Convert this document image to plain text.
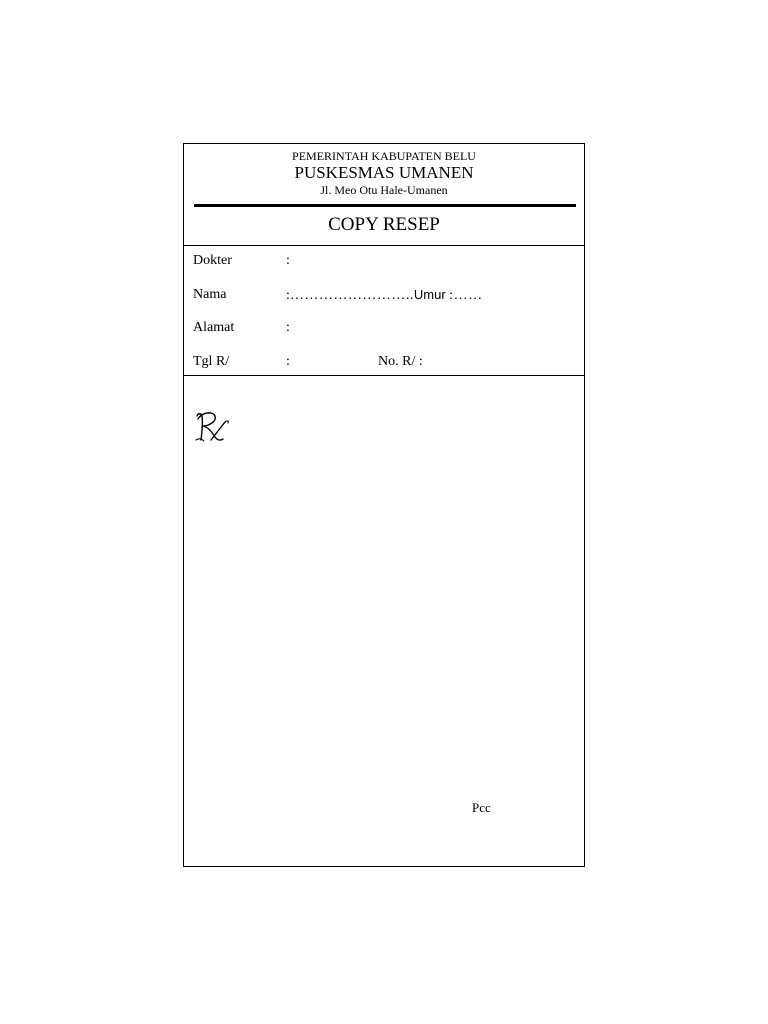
PEMERINTAH KABUPATEN BELU
PUSKESMAS UMANEN
Jl. Meo Otu Hale-Umanen
COPY RESEP
Dokter	:
Nama	:……………………..Umur :……
Alamat	:
Tgl R/	:	No. R/ :
Pcc
